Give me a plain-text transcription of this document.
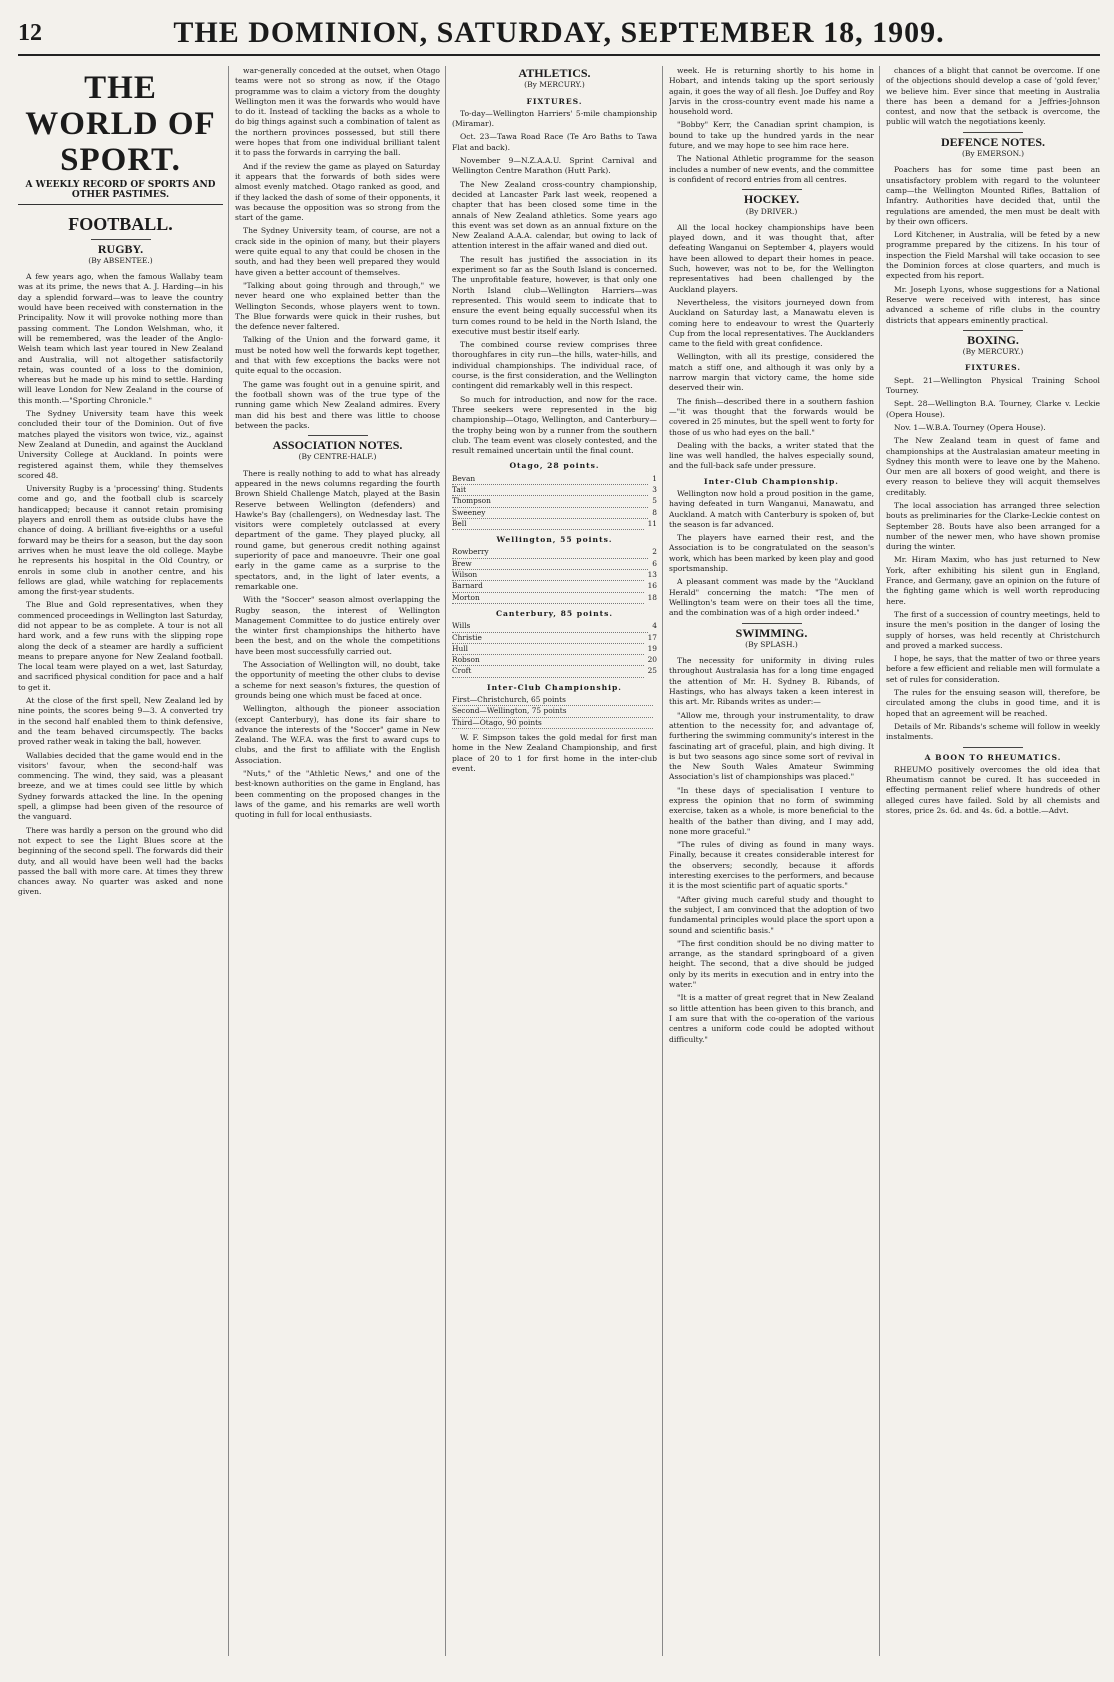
12	THE DOMINION, SATURDAY, SEPTEMBER 18, 1909.
THE WORLD OF SPORT.
A WEEKLY RECORD OF SPORTS AND OTHER PASTIMES.
FOOTBALL.
RUGBY.
(By ABSENTEE.)

A few years ago, when the famous Wallaby team was at its prime, the news that A. J. Harding—in his day a splendid forward—was to leave the country would have been received with consternation in the Principality. Now it will provoke nothing more than passing comment. The London Welshman, who, it will be remembered, was the leader of the Anglo-Welsh team which last year toured in New Zealand and Australia, will not altogether satisfactorily retain, was counted of a loss to the dominion, whereas but he made up his mind to settle. Harding will leave London for New Zealand in the course of this month.—"Sporting Chronicle."

The Sydney University team have this week concluded their tour of the Dominion. Out of five matches played the visitors won twice, viz., against New Zealand at Dunedin, and against the Auckland University College at Auckland. In points were registered against them, while they themselves scored 48.

University Rugby is a 'processing' thing. Students come and go, and the football club is scarcely handicapped; because it cannot retain promising players and enroll them as outside clubs have the chance of doing. A brilliant five-eighths or a useful forward may be theirs for a season, but the day soon arrives when he must leave the old college. Maybe he represents his hospital in the Old Country, or enrols in some club in another centre, and his fellows are glad, while watching for replacements among the first-year students.

The Blue and Gold representatives, when they commenced proceedings in Wellington last Saturday, did not appear to be as complete. A tour is not all hard work, and a few runs with the slipping rope along the deck of a steamer are hardly a sufficient means to prepare anyone for New Zealand football. The local team were played on a wet, last Saturday, and sacrificed physical condition for pace and a half to get it.

At the close of the first spell, New Zealand led by nine points, the scores being 9—3. A converted try in the second half enabled them to think defensive, and the team behaved circumspectly. The backs proved rather weak in taking the ball, however.

Wallabies decided that the game would end in the visitors' favour, when the second-half was commencing. The wind, they said, was a pleasant breeze, and we at times could see little by which Sydney forwards attacked the line. In the opening spell, a glimpse had been given of the resource of the vanguard.

There was hardly a person on the ground who did not expect to see the Light Blues score at the beginning of the second spell. The forwards did their duty, and all would have been well had the backs passed the ball with more care. At times they threw chances away. No quarter was asked and none given.

war-generally conceded at the outset, when Otago teams were not so strong as now, if the Otago programme was to claim a victory from the doughty Wellington men it was the forwards who would have to do it. Instead of tackling the backs as a whole to do big things against such a combination of talent as the northern provinces possessed, but still there were hopes that from one individual brilliant talent it to pass the forwards in carrying the ball.

And if the review the game as played on Saturday it appears that the forwards of both sides were almost evenly matched. Otago ranked as good, and if they lacked the dash of some of their opponents, it was because the opposition was so strong from the start of the game.

The Sydney University team, of course, are not a crack side in the opinion of many, but their players were quite equal to any that could be chosen in the south, and had they been well prepared they would have given a better account of themselves.

"Talking about going through and through," we never heard one who explained better than the Wellington Seconds, whose players went to town. The Blue forwards were quick in their rushes, but the defence never faltered.

Talking of the Union and the forward game, it must be noted how well the forwards kept together, and that with few exceptions the backs were not quite equal to the occasion.

The game was fought out in a genuine spirit, and the football shown was of the true type of the running game which New Zealand admires. Every man did his best and there was little to choose between the packs.

ASSOCIATION NOTES.
(By CENTRE-HALF.)

There is really nothing to add to what has already appeared in the news columns regarding the fourth Brown Shield Challenge Match, played at the Basin Reserve between Wellington (defenders) and Hawke's Bay (challengers), on Wednesday last. The visitors were completely outclassed at every department of the game. They played plucky, all round game, but generous credit nothing against superiority of pace and manoeuvre. Their one goal early in the game came as a surprise to the spectators, and, in the light of later events, a remarkable one.

With the "Soccer" season almost overlapping the Rugby season, the interest of Wellington Management Committee to do justice entirely over the winter first championships the hitherto have been the best, and on the whole the competitions have been most successfully carried out.

The Association of Wellington will, no doubt, take the opportunity of meeting the other clubs to devise a scheme for next season's fixtures, the question of grounds being one which must be faced at once.

Wellington, although the pioneer association (except Canterbury), has done its fair share to advance the interests of the "Soccer" game in New Zealand. The W.F.A. was the first to award cups to clubs, and the first to affiliate with the English Association.

"Nuts," of the "Athletic News," and one of the best-known authorities on the game in England, has been commenting on the proposed changes in the laws of the game, and his remarks are well worth quoting in full for local enthusiasts.

ATHLETICS.
(By MERCURY.)
FIXTURES.

To-day—Wellington Harriers' 5-mile championship (Miramar).

Oct. 23—Tawa Road Race (Te Aro Baths to Tawa Flat and back).

November 9—N.Z.A.A.U. Sprint Carnival and Wellington Centre Marathon (Hutt Park).

The New Zealand cross-country championship, decided at Lancaster Park last week, reopened a chapter that has been closed some time in the annals of New Zealand athletics. Some years ago this event was set down as an annual fixture on the New Zealand A.A.A. calendar, but owing to lack of attention interest in the affair waned and died out.

The result has justified the association in its experiment so far as the South Island is concerned. The unprofitable feature, however, is that only one North Island club—Wellington Harriers—was represented. This would seem to indicate that to ensure the event being equally successful when its turn comes round to be held in the North Island, the executive must bestir itself early.

The combined course review comprises three thoroughfares in city run—the hills, water-hills, and individual championships. The individual race, of course, is the first consideration, and the Wellington contingent did remarkably well in this respect.

So much for introduction, and now for the race. Three seekers were represented in the big championship—Otago, Wellington, and Canterbury—the trophy being won by a runner from the southern club. The team event was closely contested, and the result remained uncertain until the final count.

Otago, 28 points.
Bevan	1
Tait	3
Thompson	5
Sweeney	8
Bell	11
Wellington, 55 points.
Rowberry	2
Brew	6
Wilson	13
Barnard	16
Morton	18
Canterbury, 85 points.
Wills	4
Christie	17
Hull	19
Robson	20
Croft	25
Inter-Club Championship.
First—Christchurch, 65 points
Second—Wellington, 75 points
Third—Otago, 90 points

W. F. Simpson takes the gold medal for first man home in the New Zealand Championship, and first place of 20 to 1 for first home in the inter-club event.

week. He is returning shortly to his home in Hobart, and intends taking up the sport seriously again, it goes the way of all flesh. Joe Duffey and Roy Jarvis in the cross-country event made his name a household word.

"Bobby" Kerr, the Canadian sprint champion, is bound to take up the hundred yards in the near future, and we may hope to see him race here.

The National Athletic programme for the season includes a number of new events, and the committee is confident of record entries from all centres.

HOCKEY.
(By DRIVER.)

All the local hockey championships have been played down, and it was thought that, after defeating Wanganui on September 4, players would have been allowed to depart their homes in peace. Such, however, was not to be, for the Wellington representatives had been challenged by the Auckland players.

Nevertheless, the visitors journeyed down from Auckland on Saturday last, a Manawatu eleven is coming here to endeavour to wrest the Quarterly Cup from the local representatives. The Aucklanders came to the field with great confidence.

Wellington, with all its prestige, considered the match a stiff one, and although it was only by a narrow margin that victory came, the home side deserved their win.

The finish—described there in a southern fashion—"it was thought that the forwards would be covered in 25 minutes, but the spell went to forty for those of us who had eyes on the ball."

Dealing with the backs, a writer stated that the line was well handled, the halves especially sound, and the full-back safe under pressure.

Inter-Club Championship.

Wellington now hold a proud position in the game, having defeated in turn Wanganui, Manawatu, and Auckland. A match with Canterbury is spoken of, but the season is far advanced.

The players have earned their rest, and the Association is to be congratulated on the season's work, which has been marked by keen play and good sportsmanship.

A pleasant comment was made by the "Auckland Herald" concerning the match: "The men of Wellington's team were on their toes all the time, and the combination was of a high order indeed."

SWIMMING.
(By SPLASH.)

The necessity for uniformity in diving rules throughout Australasia has for a long time engaged the attention of Mr. H. Sydney B. Ribands, of Hastings, who has always taken a keen interest in this art. Mr. Ribands writes as under:—

"Allow me, through your instrumentality, to draw attention to the necessity for, and advantage of, furthering the swimming community's interest in the fascinating art of graceful, plain, and high diving. It is but two seasons ago since some sort of revival in the New South Wales Amateur Swimming Association's list of championships was placed."

"In these days of specialisation I venture to express the opinion that no form of swimming exercise, taken as a whole, is more beneficial to the health of the bather than diving, and I may add, none more graceful."

"The rules of diving as found in many ways. Finally, because it creates considerable interest for the observers; secondly, because it affords interesting exercises to the performers, and because it is the most scientific part of aquatic sports."

"After giving much careful study and thought to the subject, I am convinced that the adoption of two fundamental principles would place the sport upon a sound and scientific basis."

"The first condition should be no diving matter to arrange, as the standard springboard of a given height. The second, that a dive should be judged only by its merits in execution and in entry into the water."

"It is a matter of great regret that in New Zealand so little attention has been given to this branch, and I am sure that with the co-operation of the various centres a uniform code could be adopted without difficulty."

chances of a blight that cannot be overcome. If one of the objections should develop a case of 'gold fever,' we believe him. Ever since that meeting in Australia there has been a demand for a Jeffries-Johnson contest, and now that the setback is overcome, the public will watch the negotiations keenly.

DEFENCE NOTES.
(By EMERSON.)

Poachers has for some time past been an unsatisfactory problem with regard to the volunteer camp—the Wellington Mounted Rifles, Battalion of Infantry. Authorities have decided that, until the regulations are amended, the men must be dealt with by their own officers.

Lord Kitchener, in Australia, will be feted by a new programme prepared by the citizens. In his tour of inspection the Field Marshal will take occasion to see the Dominion forces at close quarters, and much is expected from his report.

Mr. Joseph Lyons, whose suggestions for a National Reserve were received with interest, has since advanced a scheme of rifle clubs in the country districts that appears eminently practical.

BOXING.
(By MERCURY.)
FIXTURES.

Sept. 21—Wellington Physical Training School Tourney.

Sept. 28—Wellington B.A. Tourney, Clarke v. Leckie (Opera House).

Nov. 1—W.B.A. Tourney (Opera House).

The New Zealand team in quest of fame and championships at the Australasian amateur meeting in Sydney this month were to leave one by the Maheno. Our men are all boxers of good weight, and there is every reason to believe they will acquit themselves creditably.

The local association has arranged three selection bouts as preliminaries for the Clarke-Leckie contest on September 28. Bouts have also been arranged for a number of the newer men, who have shown promise during the winter.

Mr. Hiram Maxim, who has just returned to New York, after exhibiting his silent gun in England, France, and Germany, gave an opinion on the future of the fighting game which is well worth reproducing here.

The first of a succession of country meetings, held to insure the men's position in the danger of losing the supply of horses, was held recently at Christchurch and proved a marked success.

I hope, he says, that the matter of two or three years before a few efficient and reliable men will formulate a set of rules for consideration.

The rules for the ensuing season will, therefore, be circulated among the clubs in good time, and it is hoped that an agreement will be reached.

Details of Mr. Ribands's scheme will follow in weekly instalments.

A BOON TO RHEUMATICS.

RHEUMO positively overcomes the old idea that Rheumatism cannot be cured. It has succeeded in effecting permanent relief where hundreds of other alleged cures have failed. Sold by all chemists and stores, price 2s. 6d. and 4s. 6d. a bottle.—Advt.
